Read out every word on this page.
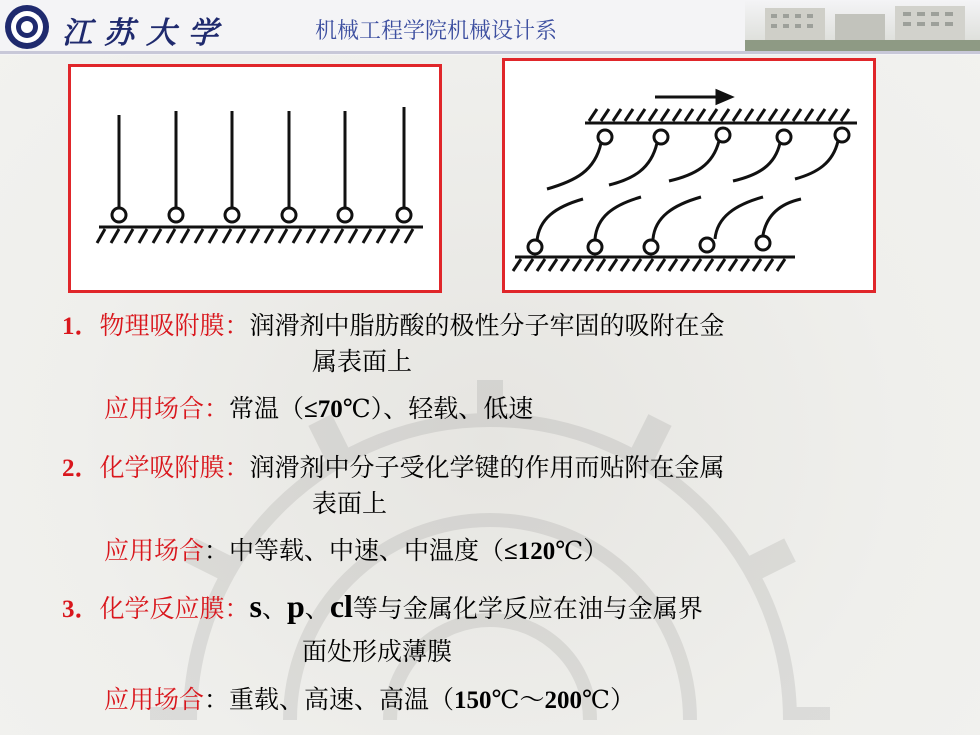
江苏大学	机械工程学院机械设计系
1．物理吸附膜：润滑剂中脂肪酸的极性分子牢固的吸附在金
属表面上
应用场合：常温（≤70℃）、轻载、低速
2．化学吸附膜：润滑剂中分子受化学键的作用而贴附在金属
表面上
应用场合：中等载、中速、中温度（≤120℃）
3．化学反应膜：s、p、cl等与金属化学反应在油与金属界
面处形成薄膜
应用场合：重载、高速、高温（150℃～200℃）
